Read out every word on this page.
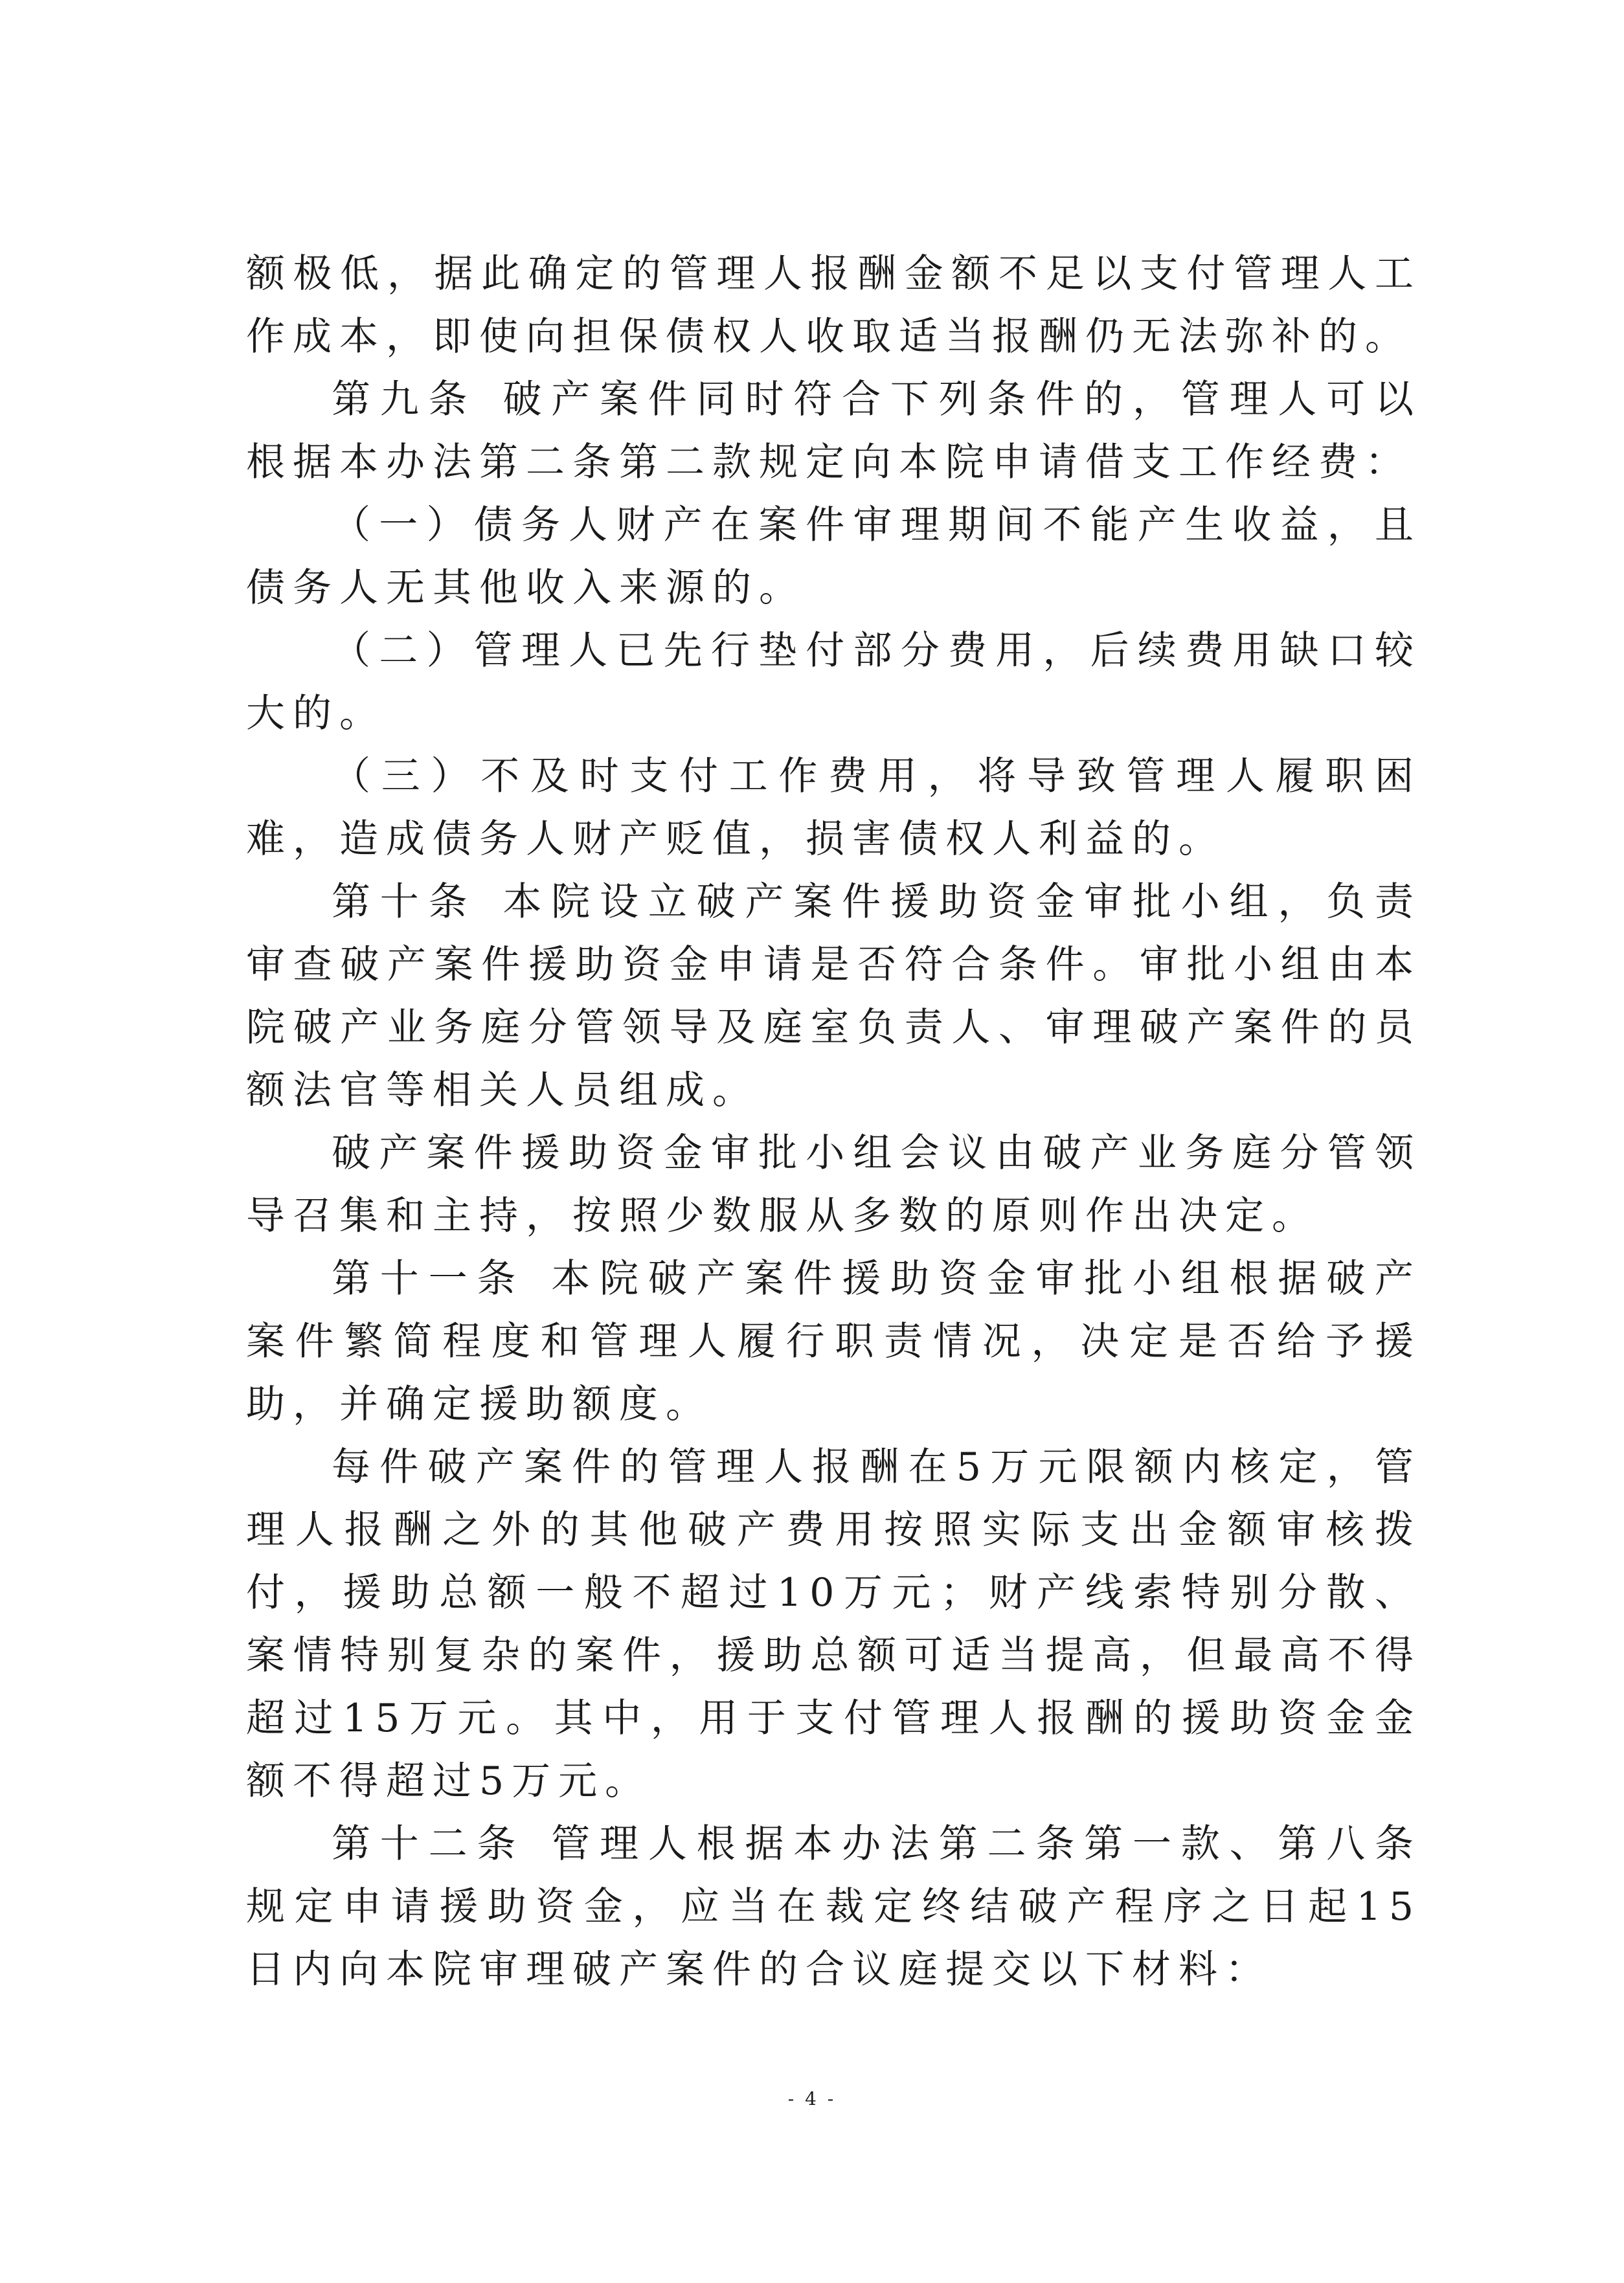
额极低，据此确定的管理人报酬金额不足以支付管理人工作成本，即使向担保债权人收取适当报酬仍无法弥补的。

第九条 破产案件同时符合下列条件的，管理人可以根据本办法第二条第二款规定向本院申请借支工作经费：

（一）债务人财产在案件审理期间不能产生收益，且债务人无其他收入来源的。

（二）管理人已先行垫付部分费用，后续费用缺口较大的。

（三）不及时支付工作费用，将导致管理人履职困难，造成债务人财产贬值，损害债权人利益的。

第十条 本院设立破产案件援助资金审批小组，负责审查破产案件援助资金申请是否符合条件。审批小组由本院破产业务庭分管领导及庭室负责人、审理破产案件的员额法官等相关人员组成。

破产案件援助资金审批小组会议由破产业务庭分管领导召集和主持，按照少数服从多数的原则作出决定。

第十一条 本院破产案件援助资金审批小组根据破产案件繁简程度和管理人履行职责情况，决定是否给予援助，并确定援助额度。

每件破产案件的管理人报酬在5万元限额内核定，管理人报酬之外的其他破产费用按照实际支出金额审核拨付，援助总额一般不超过10万元；财产线索特别分散、案情特别复杂的案件，援助总额可适当提高，但最高不得超过15万元。其中，用于支付管理人报酬的援助资金金额不得超过5万元。

第十二条 管理人根据本办法第二条第一款、第八条规定申请援助资金，应当在裁定终结破产程序之日起15日内向本院审理破产案件的合议庭提交以下材料：

- 4 -
